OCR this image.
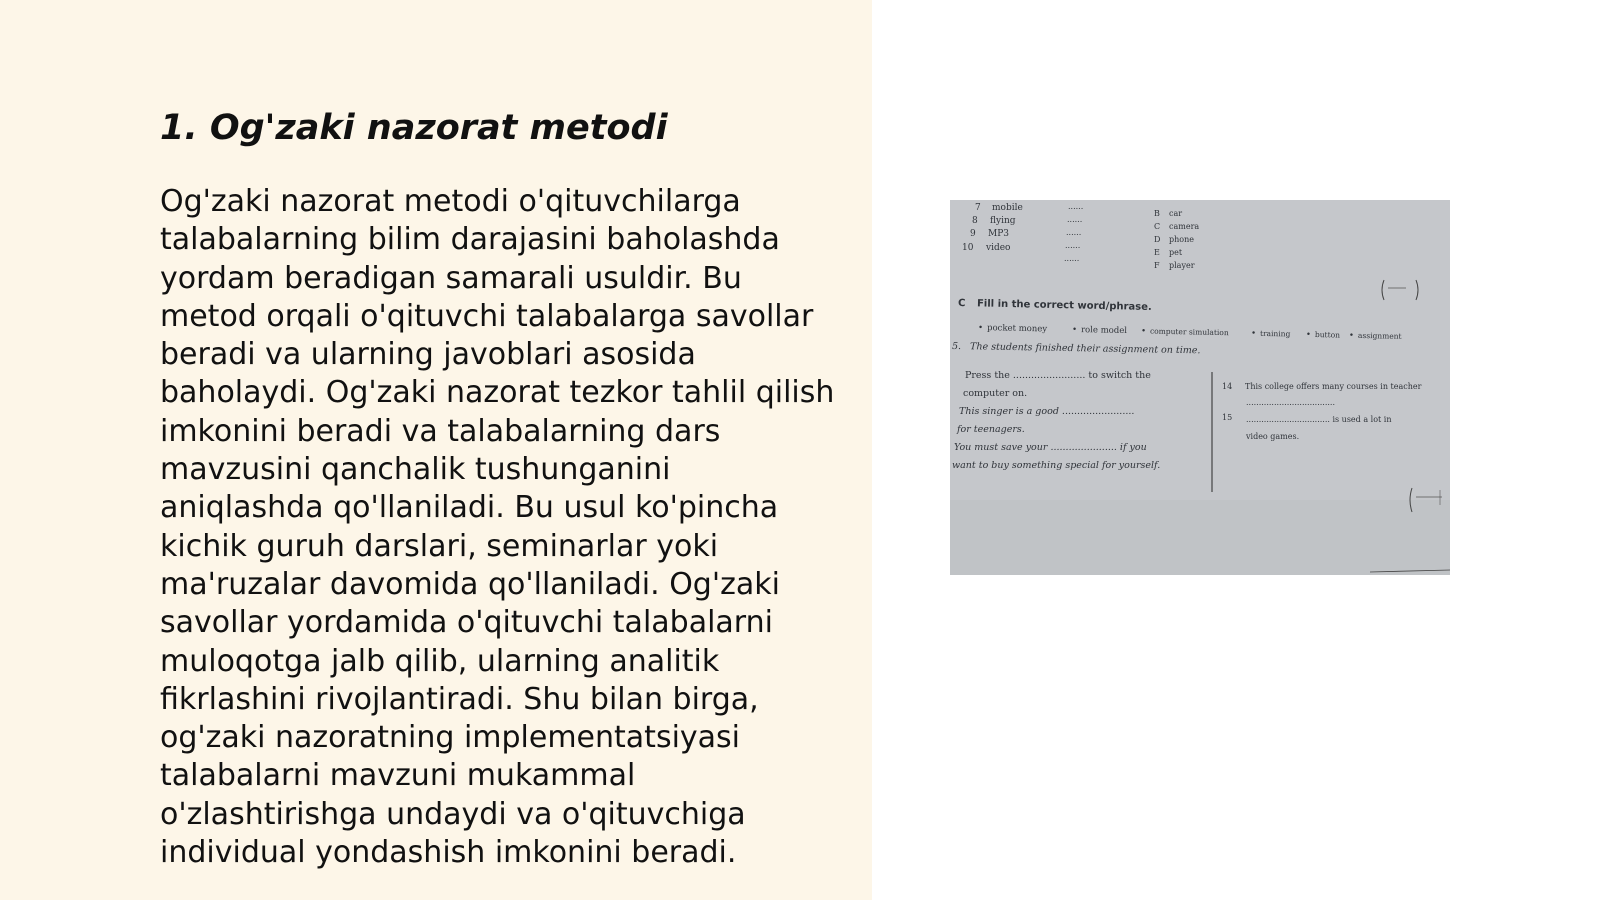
1. Og'zaki nazorat metodi

Og'zaki nazorat metodi o'qituvchilarga talabalarning bilim darajasini baholashda yordam beradigan samarali usuldir. Bu metod orqali o'qituvchi talabalarga savollar beradi va ularning javoblari asosida baholaydi. Og'zaki nazorat tezkor tahlil qilish imkonini beradi va talabalarning dars mavzusini qanchalik tushunganini aniqlashda qo'llaniladi. Bu usul ko'pincha kichik guruh darslari, seminarlar yoki ma'ruzalar davomida qo'llaniladi. Og'zaki savollar yordamida o'qituvchi talabalarni muloqotga jalb qilib, ularning analitik fikrlashini rivojlantiradi. Shu bilan birga, og'zaki nazoratning implementatsiyasi talabalarni mavzuni mukammal o'zlashtirishga undaydi va o'qituvchiga individual yondashish imkonini beradi.

7 mobile
8 flying
9 MP3
10 video
......
......
......
......
......
B car
C camera
D phone
E pet
F player
C Fill in the correct word/phrase.
• pocket money	• role model • computer simulation	• training • button • assignment
5. The students finished their assignment on time.
Press the ........................ to switch the
computer on.
This singer is a good ........................
for teenagers.
You must save your ...................... if you
want to buy something special for yourself.
14 This college offers many courses in teacher
...................................
15 ................................. is used a lot in
video games.
